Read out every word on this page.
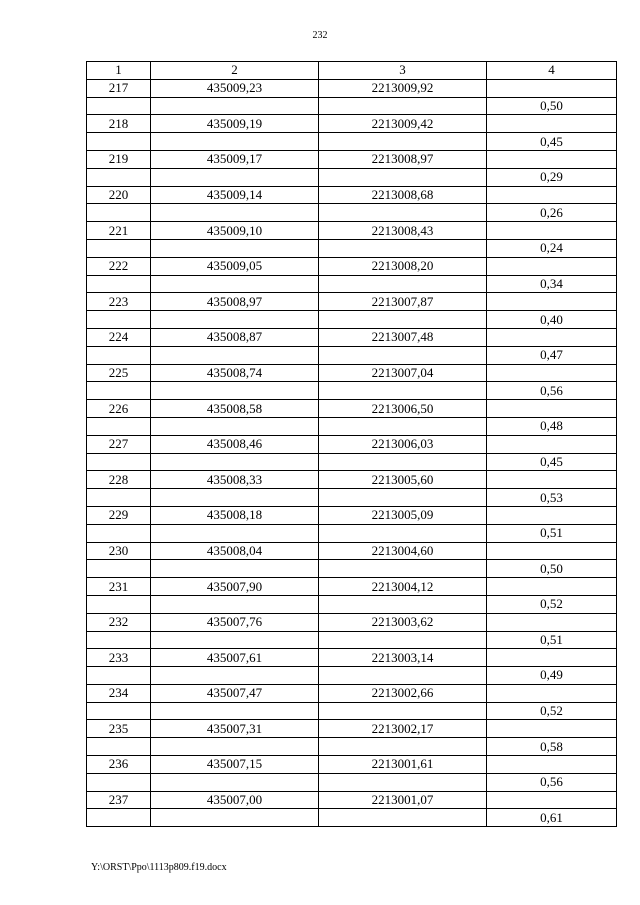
232
1	2	3	4
217	435009,23	2213009,92	
			0,50
218	435009,19	2213009,42	
			0,45
219	435009,17	2213008,97	
			0,29
220	435009,14	2213008,68	
			0,26
221	435009,10	2213008,43	
			0,24
222	435009,05	2213008,20	
			0,34
223	435008,97	2213007,87	
			0,40
224	435008,87	2213007,48	
			0,47
225	435008,74	2213007,04	
			0,56
226	435008,58	2213006,50	
			0,48
227	435008,46	2213006,03	
			0,45
228	435008,33	2213005,60	
			0,53
229	435008,18	2213005,09	
			0,51
230	435008,04	2213004,60	
			0,50
231	435007,90	2213004,12	
			0,52
232	435007,76	2213003,62	
			0,51
233	435007,61	2213003,14	
			0,49
234	435007,47	2213002,66	
			0,52
235	435007,31	2213002,17	
			0,58
236	435007,15	2213001,61	
			0,56
237	435007,00	2213001,07	
			0,61
Y:\ORST\Ppo\1113p809.f19.docx
